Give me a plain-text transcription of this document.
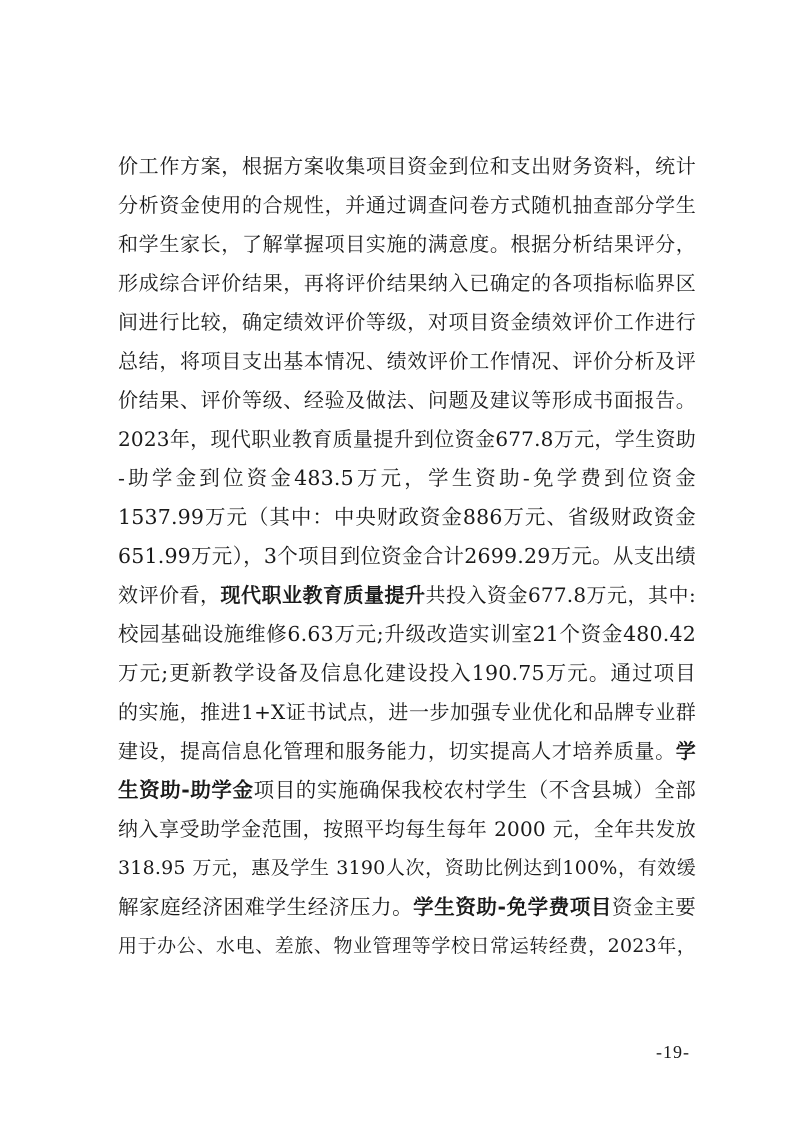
价工作方案，根据方案收集项目资金到位和支出财务资料，统计
分析资金使用的合规性，并通过调查问卷方式随机抽查部分学生
和学生家长，了解掌握项目实施的满意度。根据分析结果评分，
形成综合评价结果，再将评价结果纳入已确定的各项指标临界区
间进行比较，确定绩效评价等级，对项目资金绩效评价工作进行
总结，将项目支出基本情况、绩效评价工作情况、评价分析及评
价结果、评价等级、经验及做法、问题及建议等形成书面报告。
2023年，现代职业教育质量提升到位资金677.8万元，学生资助
-助学金到位资金483.5万元，学生资助-免学费到位资金
1537.99万元（其中：中央财政资金886万元、省级财政资金
651.99万元），3个项目到位资金合计2699.29万元。从支出绩
效评价看，现代职业教育质量提升共投入资金677.8万元，其中:
校园基础设施维修6.63万元;升级改造实训室21个资金480.42
万元;更新教学设备及信息化建设投入190.75万元。通过项目
的实施，推进1+X证书试点，进一步加强专业优化和品牌专业群
建设，提高信息化管理和服务能力，切实提高人才培养质量。学
生资助-助学金项目的实施确保我校农村学生（不含县城）全部
纳入享受助学金范围，按照平均每生每年 2000 元，全年共发放
318.95 万元，惠及学生 3190人次，资助比例达到100%，有效缓
解家庭经济困难学生经济压力。学生资助-免学费项目资金主要
用于办公、水电、差旅、物业管理等学校日常运转经费，2023年，
-19-
